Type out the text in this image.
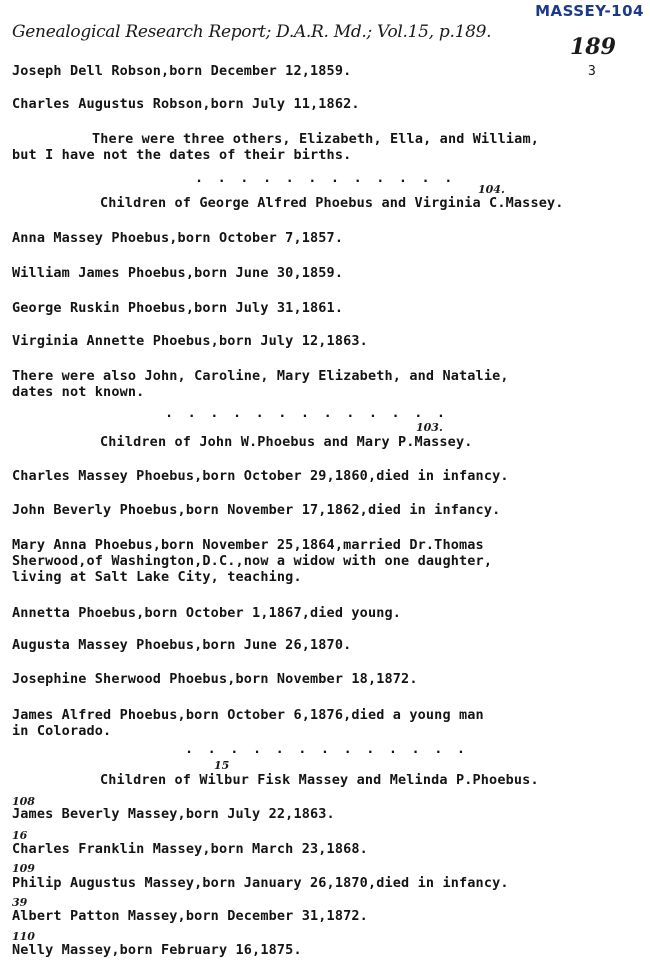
Genealogical Research Report; D.A.R. Md.; Vol.15, p.189.
MASSEY-104
189
3
Joseph Dell Robson,born December 12,1859.
Charles Augustus Robson,born July 11,1862.
There were three others, Elizabeth, Ella, and William,
but I have not the dates of their births.
. . . . . . . . . . . .
104.
Children of George Alfred Phoebus and Virginia C.Massey.
Anna Massey Phoebus,born October 7,1857.
William James Phoebus,born June 30,1859.
George Ruskin Phoebus,born July 31,1861.
Virginia Annette Phoebus,born July 12,1863.
There were also John, Caroline, Mary Elizabeth, and Natalie,
dates not known.
. . . . . . . . . . . . .
103.
Children of John W.Phoebus and Mary P.Massey.
Charles Massey Phoebus,born October 29,1860,died in infancy.
John Beverly Phoebus,born November 17,1862,died in infancy.
Mary Anna Phoebus,born November 25,1864,married Dr.Thomas
Sherwood,of Washington,D.C.,now a widow with one daughter,
living at Salt Lake City, teaching.
Annetta Phoebus,born October 1,1867,died young.
Augusta Massey Phoebus,born June 26,1870.
Josephine Sherwood Phoebus,born November 18,1872.
James Alfred Phoebus,born October 6,1876,died a young man
in Colorado.
. . . . . . . . . . . . .
15
Children of Wilbur Fisk Massey and Melinda P.Phoebus.
108
James Beverly Massey,born July 22,1863.
16
Charles Franklin Massey,born March 23,1868.
109
Philip Augustus Massey,born January 26,1870,died in infancy.
39
Albert Patton Massey,born December 31,1872.
110
Nelly Massey,born February 16,1875.
